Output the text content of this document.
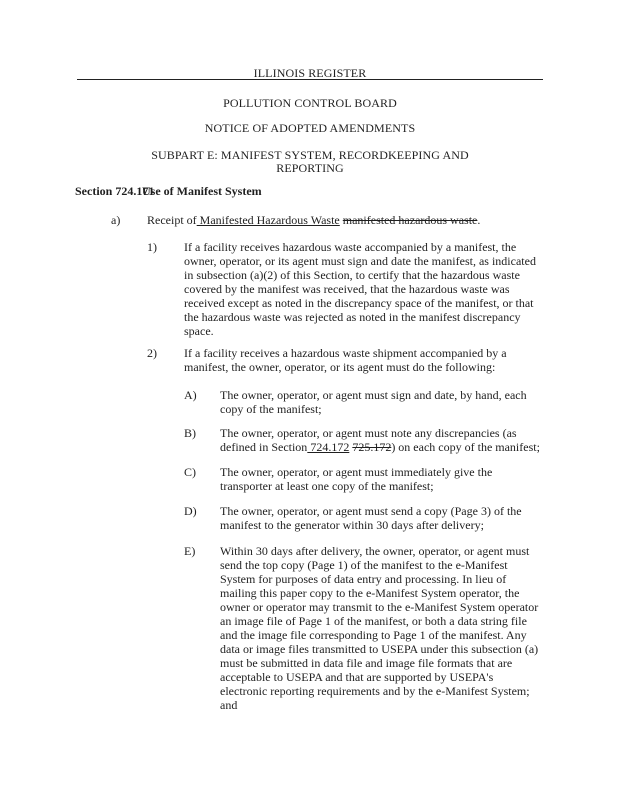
ILLINOIS REGISTER
POLLUTION CONTROL BOARD
NOTICE OF ADOPTED AMENDMENTS
SUBPART E: MANIFEST SYSTEM, RECORDKEEPING AND
REPORTING
Section 724.171Use of Manifest System
a) Receipt of Manifested Hazardous Waste manifested hazardous waste.
1) If a facility receives hazardous waste accompanied by a manifest, the
owner, operator, or its agent must sign and date the manifest, as indicated
in subsection (a)(2) of this Section, to certify that the hazardous waste
covered by the manifest was received, that the hazardous waste was
received except as noted in the discrepancy space of the manifest, or that
the hazardous waste was rejected as noted in the manifest discrepancy
space.
2) If a facility receives a hazardous waste shipment accompanied by a
manifest, the owner, operator, or its agent must do the following:
A) The owner, operator, or agent must sign and date, by hand, each
copy of the manifest;
B) The owner, operator, or agent must note any discrepancies (as
defined in Section 724.172 725.172) on each copy of the manifest;
C) The owner, operator, or agent must immediately give the
transporter at least one copy of the manifest;
D) The owner, operator, or agent must send a copy (Page 3) of the
manifest to the generator within 30 days after delivery;
E) Within 30 days after delivery, the owner, operator, or agent must
send the top copy (Page 1) of the manifest to the e-Manifest
System for purposes of data entry and processing. In lieu of
mailing this paper copy to the e-Manifest System operator, the
owner or operator may transmit to the e-Manifest System operator
an image file of Page 1 of the manifest, or both a data string file
and the image file corresponding to Page 1 of the manifest. Any
data or image files transmitted to USEPA under this subsection (a)
must be submitted in data file and image file formats that are
acceptable to USEPA and that are supported by USEPA's
electronic reporting requirements and by the e-Manifest System;
and
